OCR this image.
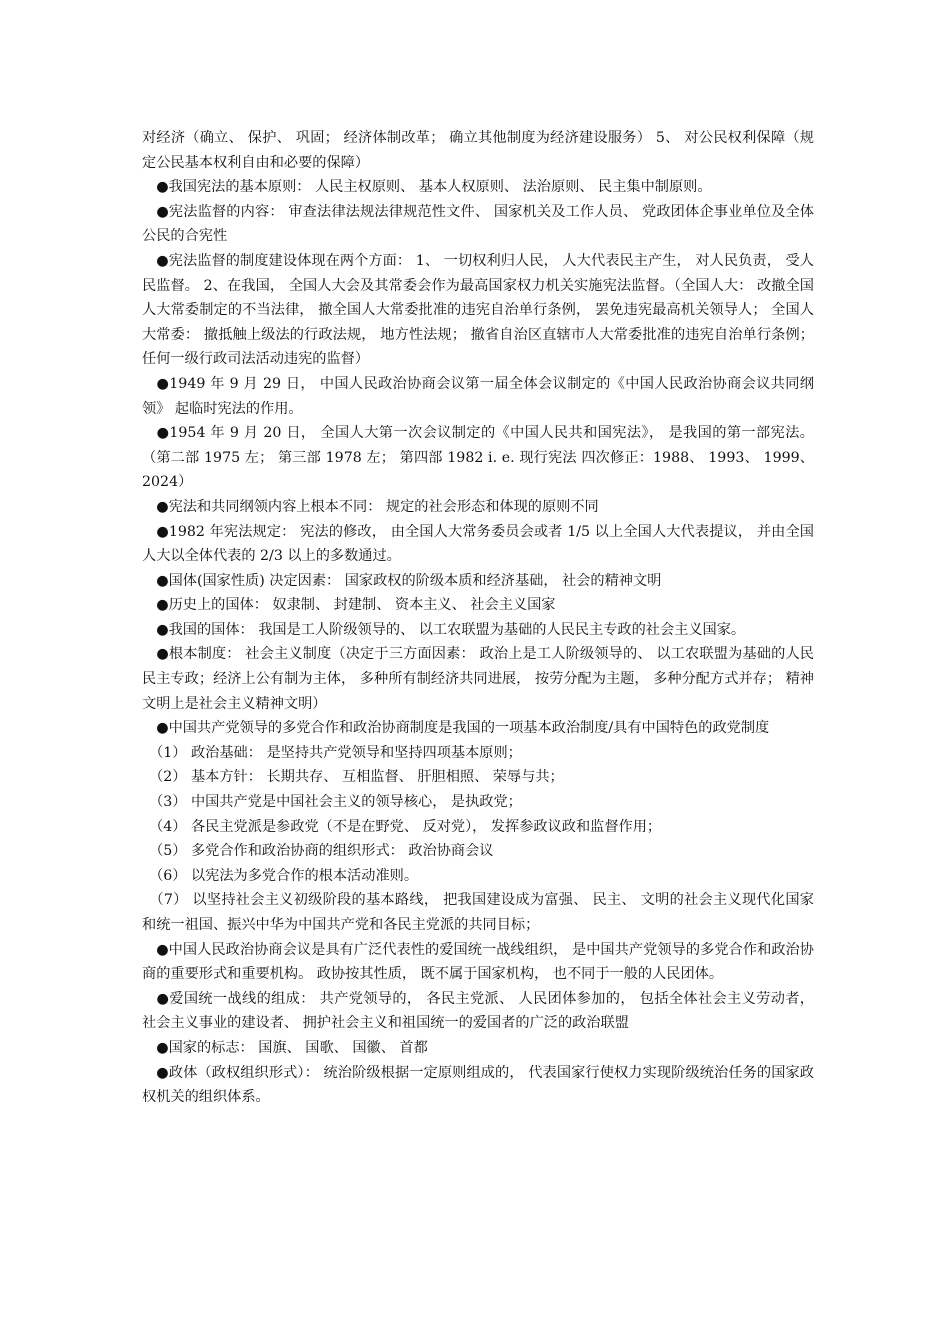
对经济（确立、 保护、 巩固； 经济体制改革； 确立其他制度为经济建设服务） 5、 对公民权利保障（规定公民基本权利自由和必要的保障）

　●我国宪法的基本原则： 人民主权原则、 基本人权原则、 法治原则、 民主集中制原则。

　●宪法监督的内容： 审查法律法规法律规范性文件、 国家机关及工作人员、 党政团体企事业单位及全体公民的合宪性

　●宪法监督的制度建设体现在两个方面： 1、 一切权利归人民， 人大代表民主产生， 对人民负责， 受人民监督。 2、在我国， 全国人大会及其常委会作为最高国家权力机关实施宪法监督。（全国人大： 改撤全国人大常委制定的不当法律， 撤全国人大常委批准的违宪自治单行条例， 罢免违宪最高机关领导人； 全国人大常委： 撤抵触上级法的行政法规， 地方性法规； 撤省自治区直辖市人大常委批准的违宪自治单行条例； 任何一级行政司法活动违宪的监督）

　●1949 年 9 月 29 日， 中国人民政治协商会议第一届全体会议制定的《中国人民政治协商会议共同纲领》 起临时宪法的作用。

　●1954 年 9 月 20 日， 全国人大第一次会议制定的《中国人民共和国宪法》， 是我国的第一部宪法。（第二部 1975 左； 第三部 1978 左； 第四部 1982 i. e. 现行宪法 四次修正：1988、 1993、 1999、 2024）

　●宪法和共同纲领内容上根本不同： 规定的社会形态和体现的原则不同

　●1982 年宪法规定： 宪法的修改， 由全国人大常务委员会或者 1/5 以上全国人大代表提议， 并由全国人大以全体代表的 2/3 以上的多数通过。

　●国体(国家性质) 决定因素： 国家政权的阶级本质和经济基础， 社会的精神文明

　●历史上的国体： 奴隶制、 封建制、 资本主义、 社会主义国家

　●我国的国体： 我国是工人阶级领导的、 以工农联盟为基础的人民民主专政的社会主义国家。

　●根本制度： 社会主义制度（决定于三方面因素： 政治上是工人阶级领导的、 以工农联盟为基础的人民民主专政；经济上公有制为主体， 多种所有制经济共同进展， 按劳分配为主题， 多种分配方式并存； 精神文明上是社会主义精神文明）

　●中国共产党领导的多党合作和政治协商制度是我国的一项基本政治制度/具有中国特色的政党制度

　（1） 政治基础： 是坚持共产党领导和坚持四项基本原则；

　（2） 基本方针： 长期共存、 互相监督、 肝胆相照、 荣辱与共；

　（3） 中国共产党是中国社会主义的领导核心， 是执政党；

　（4） 各民主党派是参政党（不是在野党、 反对党）， 发挥参政议政和监督作用；

　（5） 多党合作和政治协商的组织形式： 政治协商会议

　（6） 以宪法为多党合作的根本活动准则。

　（7） 以坚持社会主义初级阶段的基本路线， 把我国建设成为富强、 民主、 文明的社会主义现代化国家和统一祖国、振兴中华为中国共产党和各民主党派的共同目标；

　●中国人民政治协商会议是具有广泛代表性的爱国统一战线组织， 是中国共产党领导的多党合作和政治协商的重要形式和重要机构。 政协按其性质， 既不属于国家机构， 也不同于一般的人民团体。

　●爱国统一战线的组成： 共产党领导的， 各民主党派、 人民团体参加的， 包括全体社会主义劳动者， 社会主义事业的建设者、 拥护社会主义和祖国统一的爱国者的广泛的政治联盟

　●国家的标志： 国旗、 国歌、 国徽、 首都

　●政体（政权组织形式）： 统治阶级根据一定原则组成的， 代表国家行使权力实现阶级统治任务的国家政权机关的组织体系。
